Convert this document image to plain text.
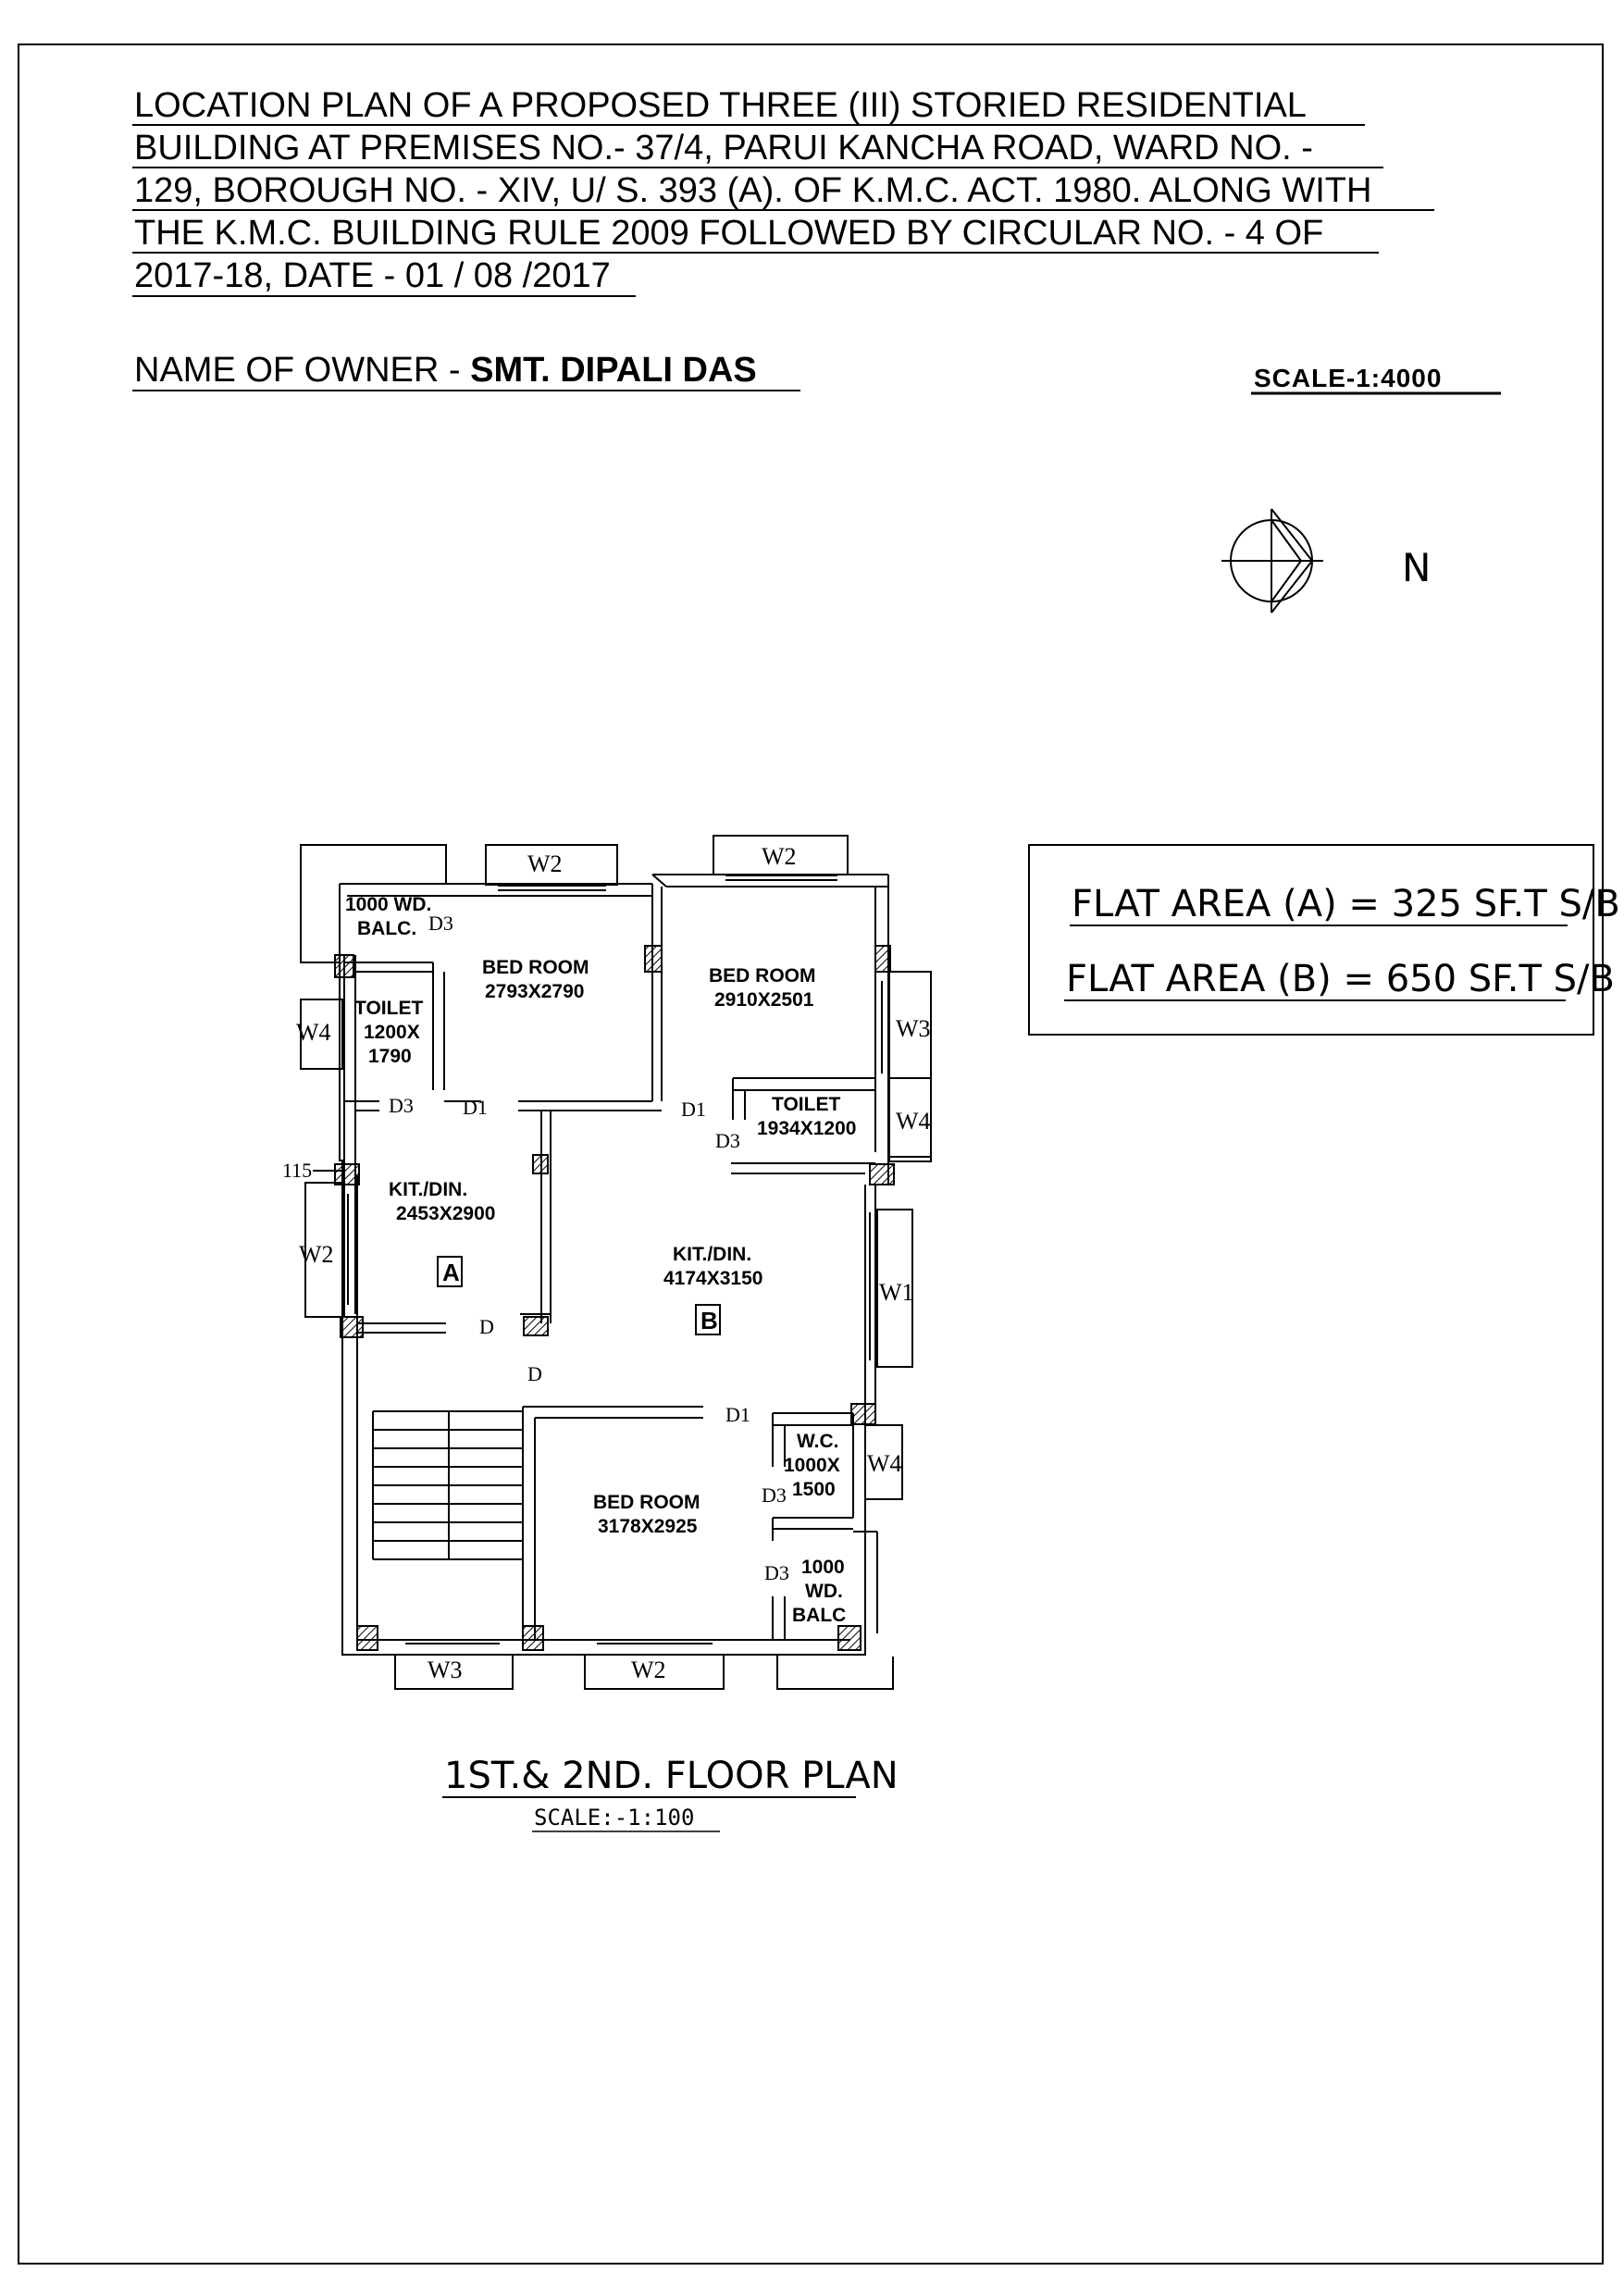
LOCATION PLAN OF A PROPOSED THREE (III) STORIED RESIDENTIAL
BUILDING AT PREMISES NO.- 37/4, PARUI KANCHA ROAD, WARD NO. -
129, BOROUGH NO. - XIV, U/ S. 393 (A). OF K.M.C. ACT. 1980. ALONG WITH
THE K.M.C. BUILDING RULE 2009 FOLLOWED BY CIRCULAR NO. - 4 OF
2017-18, DATE - 01 / 08 /2017
NAME OF OWNER - SMT. DIPALI DAS	SCALE-1:4000
N
FLAT AREA (A) = 325 SF.T S/B
FLAT AREA (B) = 650 SF.T S/B
1000 WD.
BALC.
BED ROOM
2793X2790
BED ROOM
2910X2501
TOILET
1200X
1790
TOILET
1934X1200
KIT./DIN.
2453X2900
KIT./DIN.
4174X3150
BED ROOM
3178X2925
W.C.
1000X
1500
1000
WD.
BALC
A
B
W2	W2
W3
W4
W1
W4
W4
W2
W3	W2
D3
D3 D1	D1
D3
D
D
D1
D3
D3
115
1ST.& 2ND. FLOOR PLAN
SCALE:-1:100
